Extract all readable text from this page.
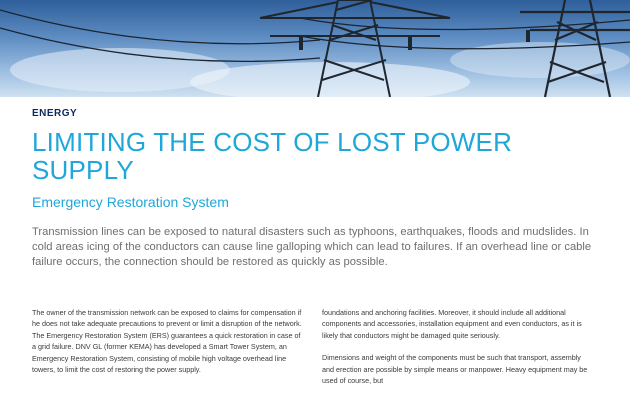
ENERGY

LIMITING THE COST OF LOST POWER SUPPLY
Emergency Restoration System

Transmission lines can be exposed to natural disasters such as typhoons, earthquakes, floods and mudslides. In cold areas icing of the conductors can cause line galloping which can lead to failures. If an overhead line or cable failure occurs, the connection should be restored as quickly as possible.

The owner of the transmission network can be exposed to claims for compensation if he does not take adequate precautions to prevent or limit a disruption of the network. The Emergency Restoration System (ERS) guarantees a quick restoration in case of a grid failure. DNV GL (former KEMA) has developed a Smart Tower System, an Emergency Restoration System, consisting of mobile high voltage overhead line towers, to limit the cost of restoring the power supply.

foundations and anchoring facilities. Moreover, it should include all additional components and accessories, installation equipment and even conductors, as it is likely that conductors might be damaged quite seriously.

Dimensions and weight of the components must be such that transport, assembly and erection are possible by simple means or manpower. Heavy equipment may be used of course, but
